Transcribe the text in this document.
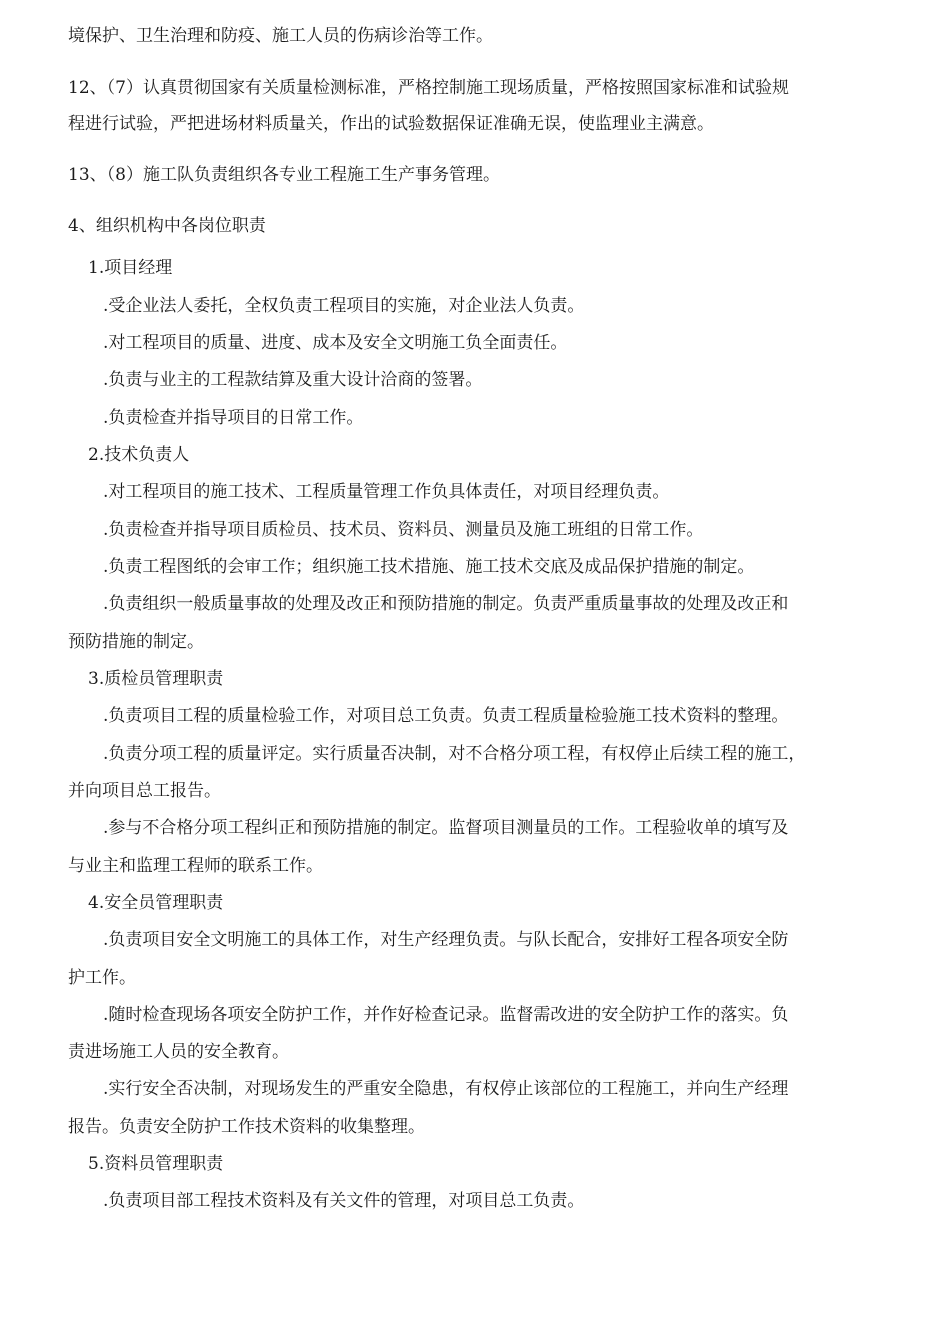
境保护、卫生治理和防疫、施工人员的伤病诊治等工作。
12、（7）认真贯彻国家有关质量检测标准，严格控制施工现场质量，严格按照国家标准和试验规
程进行试验，严把进场材料质量关，作出的试验数据保证准确无误，使监理业主满意。
13、（8）施工队负责组织各专业工程施工生产事务管理。
4、组织机构中各岗位职责
1.项目经理
.受企业法人委托，全权负责工程项目的实施，对企业法人负责。
.对工程项目的质量、进度、成本及安全文明施工负全面责任。
.负责与业主的工程款结算及重大设计洽商的签署。
.负责检查并指导项目的日常工作。
2.技术负责人
.对工程项目的施工技术、工程质量管理工作负具体责任，对项目经理负责。
.负责检查并指导项目质检员、技术员、资料员、测量员及施工班组的日常工作。
.负责工程图纸的会审工作；组织施工技术措施、施工技术交底及成品保护措施的制定。
.负责组织一般质量事故的处理及改正和预防措施的制定。负责严重质量事故的处理及改正和
预防措施的制定。
3.质检员管理职责
.负责项目工程的质量检验工作，对项目总工负责。负责工程质量检验施工技术资料的整理。
.负责分项工程的质量评定。实行质量否决制，对不合格分项工程，有权停止后续工程的施工，
并向项目总工报告。
.参与不合格分项工程纠正和预防措施的制定。监督项目测量员的工作。工程验收单的填写及
与业主和监理工程师的联系工作。
4.安全员管理职责
.负责项目安全文明施工的具体工作，对生产经理负责。与队长配合，安排好工程各项安全防
护工作。
.随时检查现场各项安全防护工作，并作好检查记录。监督需改进的安全防护工作的落实。负
责进场施工人员的安全教育。
.实行安全否决制，对现场发生的严重安全隐患，有权停止该部位的工程施工，并向生产经理
报告。负责安全防护工作技术资料的收集整理。
5.资料员管理职责
.负责项目部工程技术资料及有关文件的管理，对项目总工负责。
